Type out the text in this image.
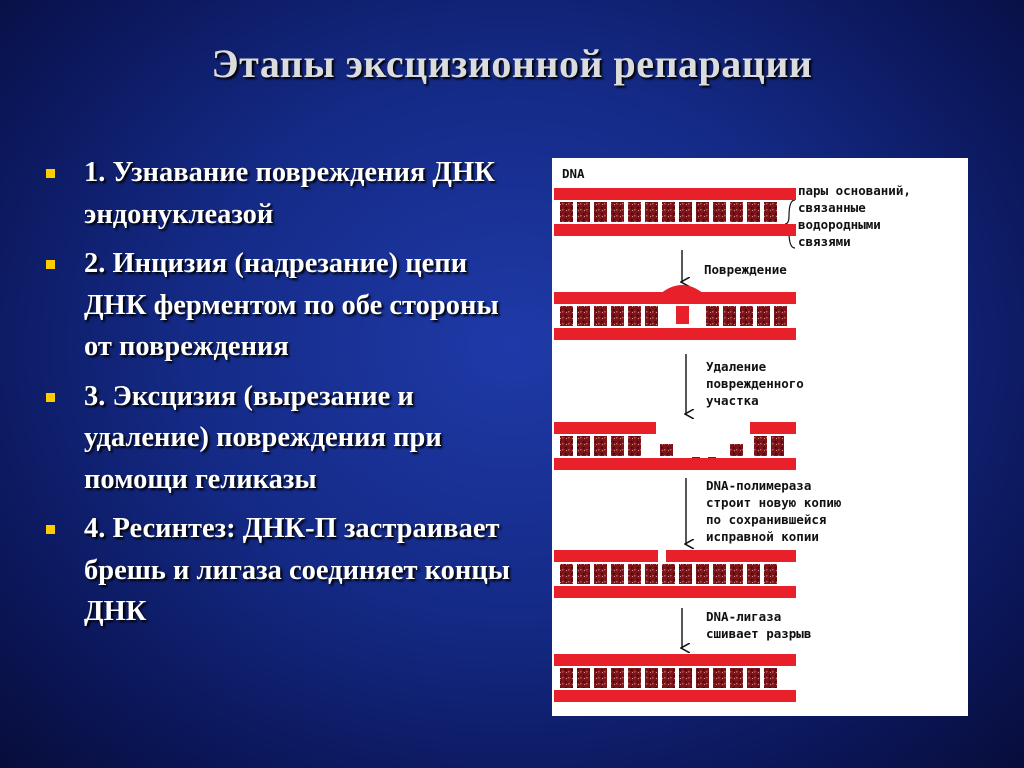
Этапы эксцизионной репарации
1. Узнавание повреждения ДНК эндонуклеазой
2. Инцизия (надрезание) цепи ДНК ферментом по обе стороны от повреждения
3. Эксцизия (вырезание и удаление) повреждения при помощи геликазы
4. Ресинтез: ДНК-П застраивает брешь и лигаза соединяет концы ДНК
DNA
пары оснований,
связанные
водородными
связями
Повреждение
Удаление
поврежденного
участка
DNA-полимераза
строит новую копию
по сохранившейся
исправной копии
DNA-лигаза
сшивает разрыв
